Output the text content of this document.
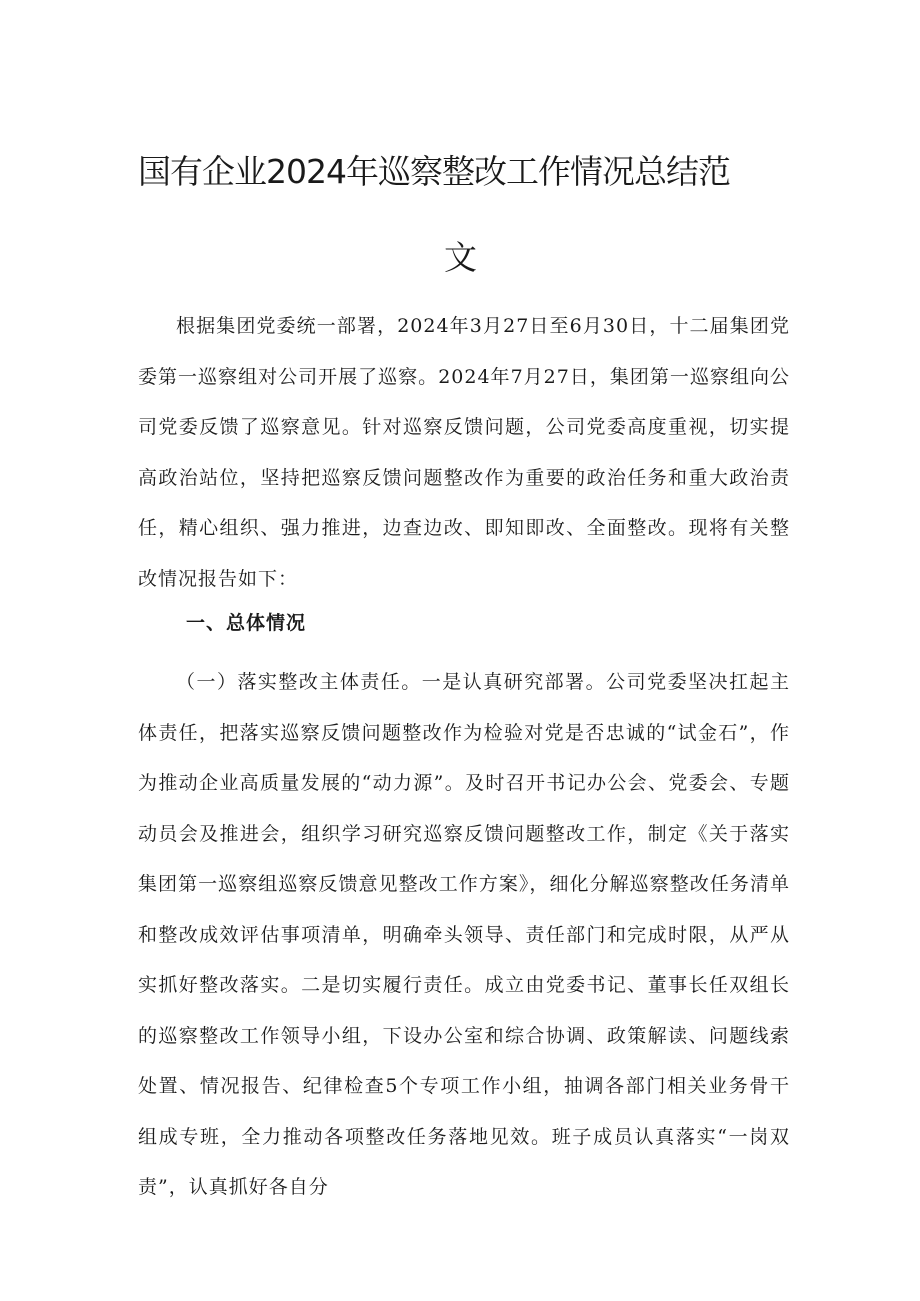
国有企业2024年巡察整改工作情况总结范
文

根据集团党委统一部署，2024年3月27日至6月30日，十二届集团党委第一巡察组对公司开展了巡察。2024年7月27日，集团第一巡察组向公司党委反馈了巡察意见。针对巡察反馈问题，公司党委高度重视，切实提高政治站位，坚持把巡察反馈问题整改作为重要的政治任务和重大政治责任，精心组织、强力推进，边查边改、即知即改、全面整改。现将有关整改情况报告如下：

一、总体情况

（一）落实整改主体责任。一是认真研究部署。公司党委坚决扛起主体责任，把落实巡察反馈问题整改作为检验对党是否忠诚的“试金石”，作为推动企业高质量发展的“动力源”。及时召开书记办公会、党委会、专题动员会及推进会，组织学习研究巡察反馈问题整改工作，制定《关于落实集团第一巡察组巡察反馈意见整改工作方案》，细化分解巡察整改任务清单和整改成效评估事项清单，明确牵头领导、责任部门和完成时限，从严从实抓好整改落实。二是切实履行责任。成立由党委书记、董事长任双组长的巡察整改工作领导小组，下设办公室和综合协调、政策解读、问题线索处置、情况报告、纪律检查5个专项工作小组，抽调各部门相关业务骨干组成专班，全力推动各项整改任务落地见效。班子成员认真落实“一岗双责”，认真抓好各自分
